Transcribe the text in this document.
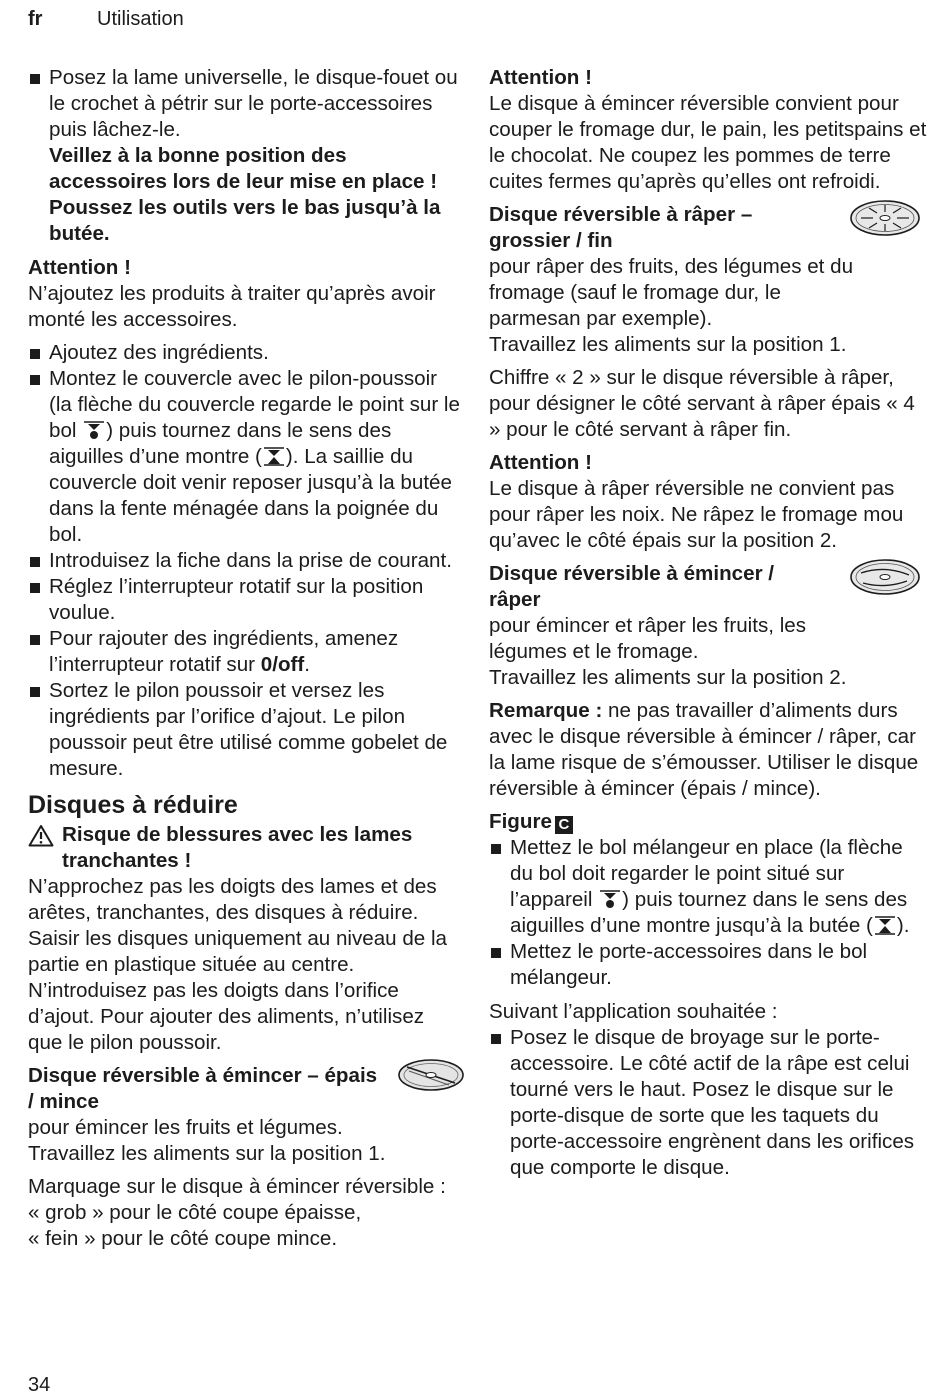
fr	Utilisation
Posez la lame universelle, le disque-fouet ou le crochet à pétrir sur le porte-accessoires puis lâchez-le.
Veillez à la bonne position des accessoires lors de leur mise en place ! Poussez les outils vers le bas jusqu’à la butée.

Attention !

N’ajoutez les produits à traiter qu’après avoir monté les accessoires.

Ajoutez des ingrédients.
Montez le couvercle avec le pilon-poussoir (la flèche du couvercle regarde le point sur le bol ) puis tournez dans le sens des aiguilles d’une montre ( ). La saillie du couvercle doit venir reposer jusqu’à la butée dans la fente ménagée dans la poignée du bol.
Introduisez la fiche dans la prise de courant.
Réglez l’interrupteur rotatif sur la position voulue.
Pour rajouter des ingrédients, amenez l’interrupteur rotatif sur 0/off.
Sortez le pilon poussoir et versez les ingrédients par l’orifice d’ajout. Le pilon poussoir peut être utilisé comme gobelet de mesure.
Disques à réduire
Risque de blessures avec les lames tranchantes !

N’approchez pas les doigts des lames et des arêtes, tranchantes, des disques à réduire. Saisir les disques uniquement au niveau de la partie en plastique située au centre. N’introduisez pas les doigts dans l’orifice d’ajout. Pour ajouter des aliments, n’utilisez que le pilon poussoir.

Disque réversible à émincer – épais / mince

pour émincer les fruits et légumes.

Travaillez les aliments sur la position 1.

Marquage sur le disque à émincer réversible :

« grob » pour le côté coupe épaisse,

« fein » pour le côté coupe mince.

Attention !

Le disque à émincer réversible convient pour couper le fromage dur, le pain, les petitspains et le chocolat. Ne coupez les pommes de terre cuites fermes qu’après qu’elles ont refroidi.

Disque réversible à râper – grossier / fin

pour râper des fruits, des légumes et du fromage (sauf le fromage dur, le parmesan par exemple).

Travaillez les aliments sur la position 1.

Chiffre « 2 » sur le disque réversible à râper, pour désigner le côté servant à râper épais « 4 » pour le côté servant à râper fin.

Attention !

Le disque à râper réversible ne convient pas pour râper les noix. Ne râpez le fromage mou qu’avec le côté épais sur la position 2.

Disque réversible à émincer / râper

pour émincer et râper les fruits, les légumes et le fromage.

Travaillez les aliments sur la position 2.

Remarque : ne pas travailler d’aliments durs avec le disque réversible à émincer / râper, car la lame risque de s’émousser. Utiliser le disque réversible à émincer (épais / mince).

Figure C

Mettez le bol mélangeur en place (la flèche du bol doit regarder le point situé sur l’appareil ) puis tournez dans le sens des aiguilles d’une montre jusqu’à la butée ( ).
Mettez le porte-accessoires dans le bol mélangeur.

Suivant l’application souhaitée :

Posez le disque de broyage sur le porte-accessoire. Le côté actif de la râpe est celui tourné vers le haut. Posez le disque sur le porte-disque de sorte que les taquets du porte-accessoire engrènent dans les orifices que comporte le disque.
34
